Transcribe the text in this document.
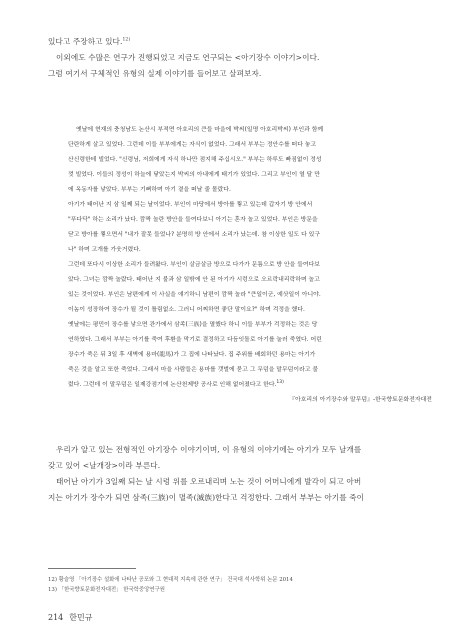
있다고 주장하고 있다.$^{12)}$

이외에도 수많은 연구가 진행되었고 지금도 연구되는 <아기장수 이야기>이다.

그럼 여기서 구체적인 유형의 실제 이야기를 들어보고 살펴보자.

옛날에 현재의 충청남도 논산시 부적면 아호리의 큰들 마을에 박씨(일명 아호리박씨) 부인과 함께

단란하게 살고 있었다. 그런데 이들 부부에게는 자식이 없었다. 그래서 부부는 정안수를 떠다 놓고

산신령한테 빌었다. "신령님, 저희에게 자식 하나만 점지해 주십시오." 부부는 하루도 빠짐없이 정성

껏 빌었다. 이들의 정성이 하늘에 닿았는지 박씨의 아내에게 태기가 있었다. 그리고 부인이 열 달 만

에 옥동자를 낳았다. 부부는 기뻐하며 아기 곁을 떠날 줄 몰랐다.

아기가 태어난 지 삼 일째 되는 날이었다. 부인이 마당에서 방아를 찧고 있는데 갑자기 방 안에서

"푸다닥" 하는 소리가 났다. 깜짝 놀란 방안을 들여다보니 아기는 혼자 놀고 있었다. 부인은 방문을

닫고 방아를 찧으면서 "내가 잘못 들었나? 분명히 방 안에서 소리가 났는데. 참 이상한 일도 다 있구

나" 하며 고개를 가웃거렸다.

그런데 또다시 이상한 소리가 들려왔다. 부인이 살금살금 방으로 다가가 문틈으로 방 안을 들여다보

았다. 그녀는 깜짝 놀랐다. 태어난 지 불과 삼 일밖에 안 된 아기가 시렁으로 오르락내리락하며 놀고

있는 것이었다. 부인은 남편에게 이 사실을 얘기하니 남편이 깜짝 놀라 "큰일이군, 예삿일이 아니야.

이놈이 성장하여 장수가 될 것이 틀림없소. 그러니 어찌하면 좋단 말이요?" 하며 걱정을 했다.

옛날에는 평민이 장수를 낳으면 관가에서 삼족(三族)을 멸했다 하니 이들 부부가 걱정하는 것은 당

연하였다. 그래서 부부는 아기를 죽여 후환을 막기로 결정하고 다듬잇돌로 아기를 눌러 죽였다. 어린

장수가 죽은 뒤 3일 후 새벽에 용마(龍馬)가 그 집에 나타났다. 집 주위를 배회하던 용마는 아기가

죽은 것을 알고 또한 죽었다. 그래서 마을 사람들은 용마를 갯벌에 묻고 그 무덤을 말무덤이라고 불

렀다. 그런데 이 말무덤은 일제강점기에 논산천제방 공사로 인해 없어졌다고 한다.$^{13)}$

『아호리의 아기장수와 말무덤』-한국향토문화전자대전

우리가 알고 있는 전형적인 아기장수 이야기이며, 이 유형의 이야기에는 아기가 모두 날개를

갖고 있어 <날개장>이라 부른다.

태어난 아기가 3일째 되는 날 시렁 위를 오르내리며 노는 것이 어머니에게 발각이 되고 아버

지는 아기가 장수가 되면 삼족(三族)이 멸족(滅族)한다고 걱정한다. 그래서 부부는 아기를 죽이

12) 황슬영 「아기장수 설화에 나타난 공포와 그 현대적 지속에 관한 연구」 건국대 석사학위 논문 2014

13) 「한국향토문화전자대전」 한국학중앙연구원

214 한민규
